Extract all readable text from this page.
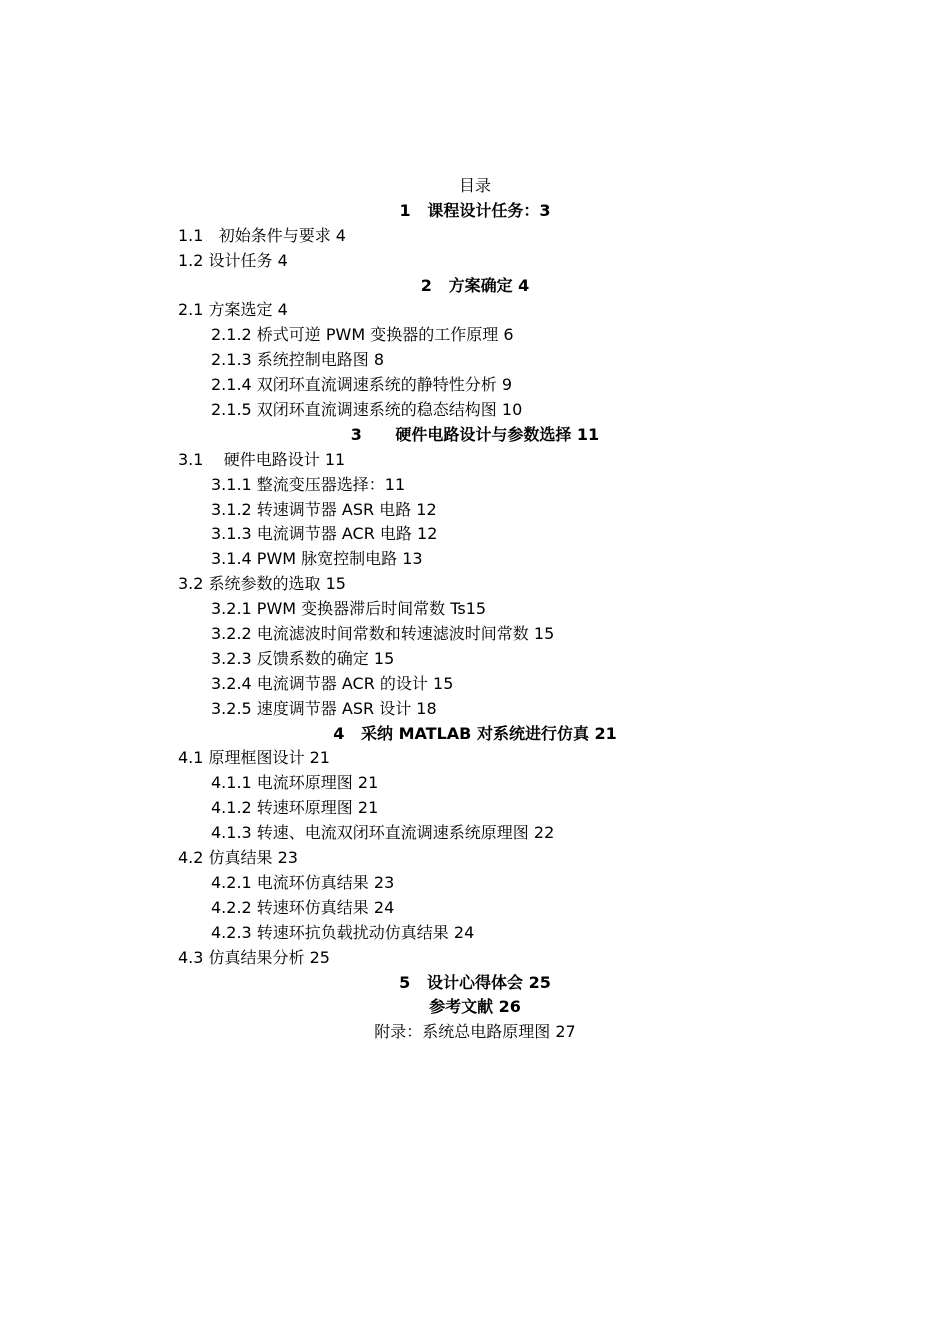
目录
1   课程设计任务：3
1.1   初始条件与要求 4
1.2 设计任务 4
2   方案确定 4
2.1 方案选定 4
2.1.2 桥式可逆 PWM 变换器的工作原理 6
2.1.3 系统控制电路图 8
2.1.4 双闭环直流调速系统的静特性分析 9
2.1.5 双闭环直流调速系统的稳态结构图 10
3      硬件电路设计与参数选择 11
3.1    硬件电路设计 11
3.1.1 整流变压器选择：11
3.1.2 转速调节器 ASR 电路 12
3.1.3 电流调节器 ACR 电路 12
3.1.4 PWM 脉宽控制电路 13
3.2 系统参数的选取 15
3.2.1 PWM 变换器滞后时间常数 Ts15
3.2.2 电流滤波时间常数和转速滤波时间常数 15
3.2.3 反馈系数的确定 15
3.2.4 电流调节器 ACR 的设计 15
3.2.5 速度调节器 ASR 设计 18
4   采纳 MATLAB 对系统进行仿真 21
4.1 原理框图设计 21
4.1.1 电流环原理图 21
4.1.2 转速环原理图 21
4.1.3 转速、电流双闭环直流调速系统原理图 22
4.2 仿真结果 23
4.2.1 电流环仿真结果 23
4.2.2 转速环仿真结果 24
4.2.3 转速环抗负载扰动仿真结果 24
4.3 仿真结果分析 25
5   设计心得体会 25
参考文献 26
附录：系统总电路原理图 27
